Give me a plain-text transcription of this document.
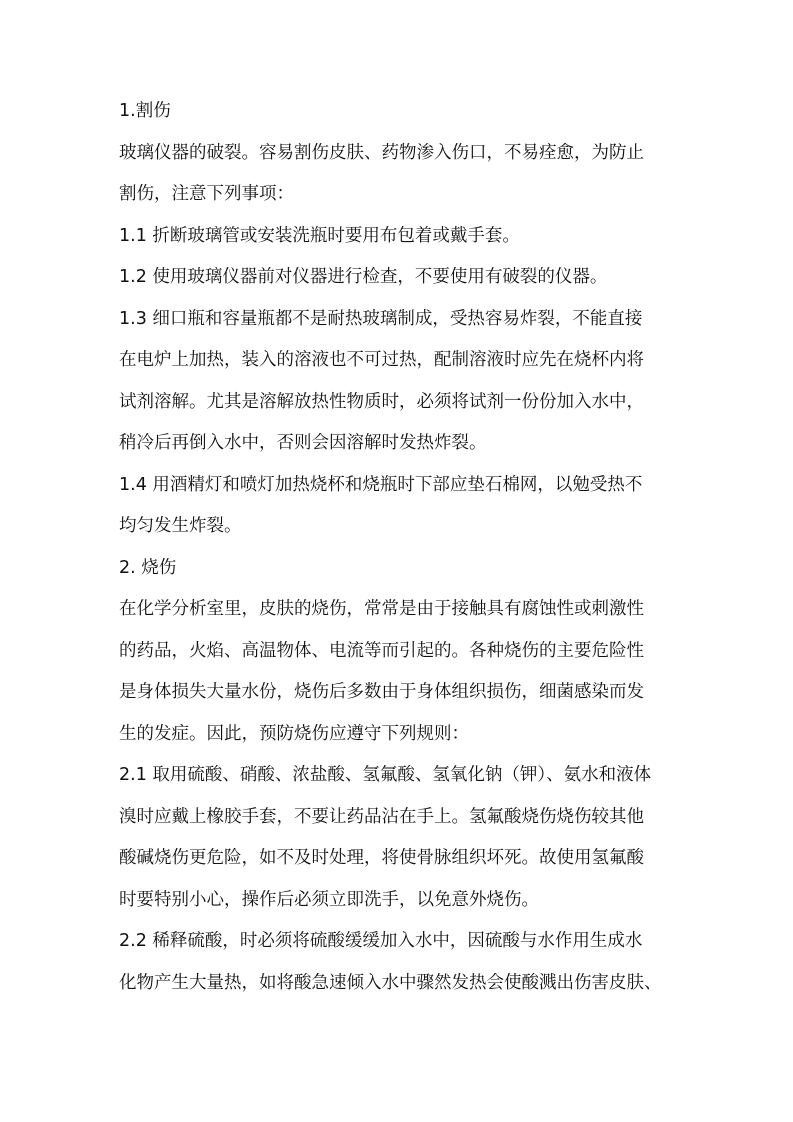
1.割伤
玻璃仪器的破裂。容易割伤皮肤、药物渗入伤口，不易痊愈，为防止
割伤，注意下列事项：
1.1 折断玻璃管或安装洗瓶时要用布包着或戴手套。
1.2 使用玻璃仪器前对仪器进行检查，不要使用有破裂的仪器。
1.3 细口瓶和容量瓶都不是耐热玻璃制成，受热容易炸裂，不能直接
在电炉上加热，装入的溶液也不可过热，配制溶液时应先在烧杯内将
试剂溶解。尤其是溶解放热性物质时，必须将试剂一份份加入水中，
稍冷后再倒入水中，否则会因溶解时发热炸裂。
1.4 用酒精灯和喷灯加热烧杯和烧瓶时下部应垫石棉网，以勉受热不
均匀发生炸裂。
2. 烧伤
在化学分析室里，皮肤的烧伤，常常是由于接触具有腐蚀性或刺激性
的药品，火焰、高温物体、电流等而引起的。各种烧伤的主要危险性
是身体损失大量水份，烧伤后多数由于身体组织损伤，细菌感染而发
生的发症。因此，预防烧伤应遵守下列规则：
2.1 取用硫酸、硝酸、浓盐酸、氢氟酸、氢氧化钠（钾）、氨水和液体
溴时应戴上橡胶手套，不要让药品沾在手上。氢氟酸烧伤烧伤较其他
酸碱烧伤更危险，如不及时处理，将使骨脉组织坏死。故使用氢氟酸
时要特别小心，操作后必须立即洗手，以免意外烧伤。
2.2 稀释硫酸，时必须将硫酸缓缓加入水中，因硫酸与水作用生成水
化物产生大量热，如将酸急速倾入水中骤然发热会使酸溅出伤害皮肤、
